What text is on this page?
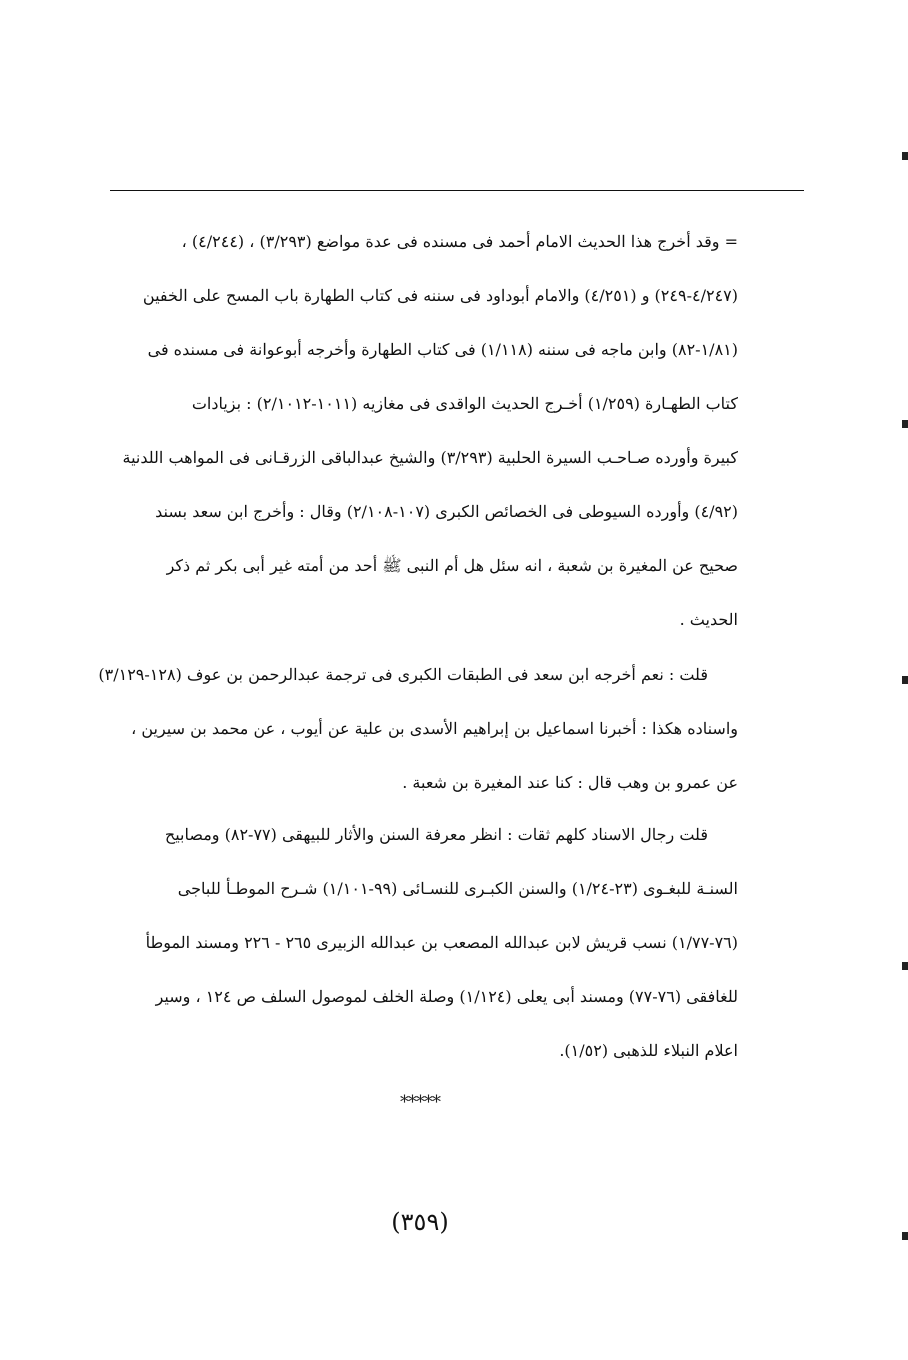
= وقد أخرج هذا الحديث الامام أحمد فى مسنده فى عدة مواضع (٣/٢٩٣) ، (٤/٢٤٤) ،
(٤/٢٤٧-٢٤٩) و (٤/٢٥١) والامام أبوداود فى سننه فى كتاب الطهارة باب المسح على الخفين
(١/٨١-٨٢) وابن ماجه فى سننه (١/١١٨) فى كتاب الطهارة وأخرجه أبوعوانة فى مسنده فى
كتاب الطهـارة (١/٢٥٩) أخـرج الحديث الواقدى فى مغازيه (١٠١١-٢/١٠١٢) : بزيادات
كبيرة وأورده صـاحـب السيرة الحلبية (٣/٢٩٣) والشيخ عبدالباقى الزرقـانى فى المواهب اللدنية
(٤/٩٢) وأورده السيوطى فى الخصائص الكبرى (١٠٧-٢/١٠٨) وقال : وأخرج ابن سعد بسند
صحيح عن المغيرة بن شعبة ، انه سئل هل أم النبى ﷺ أحد من أمته غير أبى بكر ثم ذكر
الحديث .
قلت : نعم أخرجه ابن سعد فى الطبقات الكبرى فى ترجمة عبدالرحمن بن عوف (١٢٨-٣/١٢٩)
واسناده هكذا : أخبرنا اسماعيل بن إبراهيم الأسدى بن علية عن أيوب ، عن محمد بن سيرين ،
عن عمرو بن وهب قال : كنا عند المغيرة بن شعبة .
قلت رجال الاسناد كلهم ثقات : انظر معرفة السنن والأثار للبيهقى (٧٧-٨٢) ومصابيح
السنـة للبغـوى (٢٣-١/٢٤) والسنن الكبـرى للنسـائى (٩٩-١/١٠١) شـرح الموطـأ للباجى
(٧٦-١/٧٧) نسب قريش لابن عبدالله المصعب بن عبدالله الزبيرى ٢٦٥ - ٢٢٦ ومسند الموطأ
للغافقى (٧٦-٧٧) ومسند أبى يعلى (١/١٢٤) وصلة الخلف لموصول السلف ص ١٢٤ ، وسير
اعلام النبلاء للذهبى (١/٥٢).
*****
(٣٥٩)
